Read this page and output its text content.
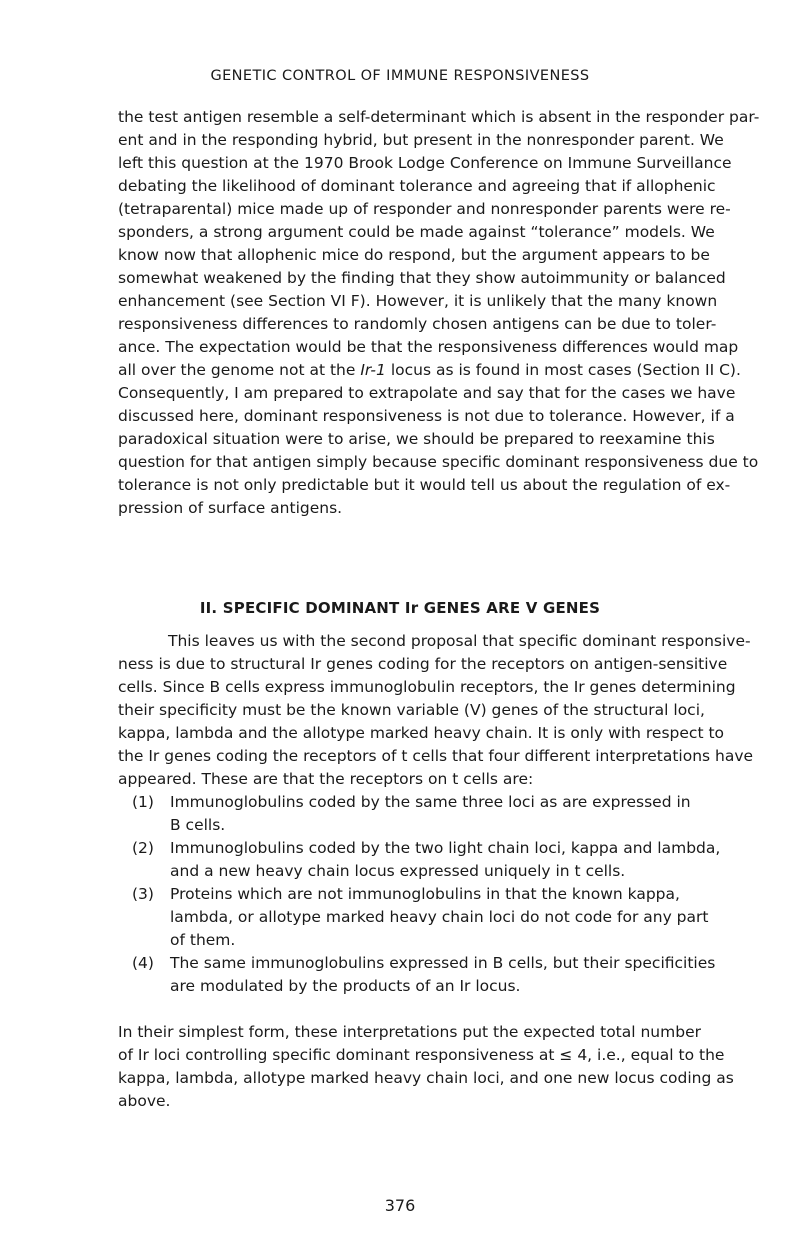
GENETIC CONTROL OF IMMUNE RESPONSIVENESS
the test antigen resemble a self-determinant which is absent in the responder par-
ent and in the responding hybrid, but present in the nonresponder parent. We
left this question at the 1970 Brook Lodge Conference on Immune Surveillance
debating the likelihood of dominant tolerance and agreeing that if allophenic
(tetraparental) mice made up of responder and nonresponder parents were re-
sponders, a strong argument could be made against “tolerance” models. We
know now that allophenic mice do respond, but the argument appears to be
somewhat weakened by the finding that they show autoimmunity or balanced
enhancement (see Section VI F). However, it is unlikely that the many known
responsiveness differences to randomly chosen antigens can be due to toler-
ance. The expectation would be that the responsiveness differences would map
all over the genome not at the Ir-1 locus as is found in most cases (Section II C).
Consequently, I am prepared to extrapolate and say that for the cases we have
discussed here, dominant responsiveness is not due to tolerance. However, if a
paradoxical situation were to arise, we should be prepared to reexamine this
question for that antigen simply because specific dominant responsiveness due to
tolerance is not only predictable but it would tell us about the regulation of ex-
pression of surface antigens.
II. SPECIFIC DOMINANT Ir GENES ARE V GENES
This leaves us with the second proposal that specific dominant responsive-
ness is due to structural Ir genes coding for the receptors on antigen-sensitive
cells. Since B cells express immunoglobulin receptors, the Ir genes determining
their specificity must be the known variable (V) genes of the structural loci,
kappa, lambda and the allotype marked heavy chain. It is only with respect to
the Ir genes coding the receptors of t cells that four different interpretations have
appeared. These are that the receptors on t cells are:
(1) Immunoglobulins coded by the same three loci as are expressed in
B cells.
(2) Immunoglobulins coded by the two light chain loci, kappa and lambda,
and a new heavy chain locus expressed uniquely in t cells.
(3) Proteins which are not immunoglobulins in that the known kappa,
lambda, or allotype marked heavy chain loci do not code for any part
of them.
(4) The same immunoglobulins expressed in B cells, but their specificities
are modulated by the products of an Ir locus.
In their simplest form, these interpretations put the expected total number
of Ir loci controlling specific dominant responsiveness at ≤ 4, i.e., equal to the
kappa, lambda, allotype marked heavy chain loci, and one new locus coding as
above.
376
